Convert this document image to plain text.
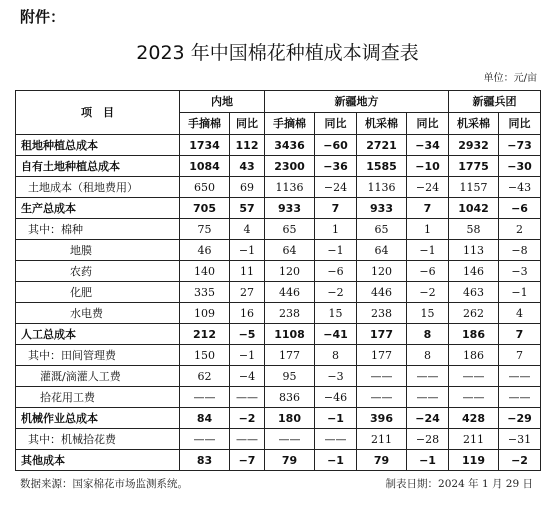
附件：
2023 年中国棉花种植成本调查表
单位：元/亩
项　目	内地		新疆地方				新疆兵团	
	手摘棉	同比	手摘棉	同比	机采棉	同比	机采棉	同比
租地种植总成本	1734	112	3436	−60	2721	−34	2932	−73
自有土地种植总成本	1084	43	2300	−36	1585	−10	1775	−30
土地成本（租地费用）	650	69	1136	−24	1136	−24	1157	−43
生产总成本	705	57	933	7	933	7	1042	−6
其中：棉种	75	4	65	1	65	1	58	2
地膜	46	−1	64	−1	64	−1	113	−8
农药	140	11	120	−6	120	−6	146	−3
化肥	335	27	446	−2	446	−2	463	−1
水电费	109	16	238	15	238	15	262	4
人工总成本	212	−5	1108	−41	177	8	186	7
其中：田间管理费	150	−1	177	8	177	8	186	7
灌溉/滴灌人工费	62	−4	95	−3	——	——	——	——
拾花用工费	——	——	836	−46	——	——	——	——
机械作业总成本	84	−2	180	−1	396	−24	428	−29
其中：机械拾花费	——	——	——	——	211	−28	211	−31
其他成本	83	−7	79	−1	79	−1	119	−2
数据来源：国家棉花市场监测系统。	制表日期：2024 年 1 月 29 日
